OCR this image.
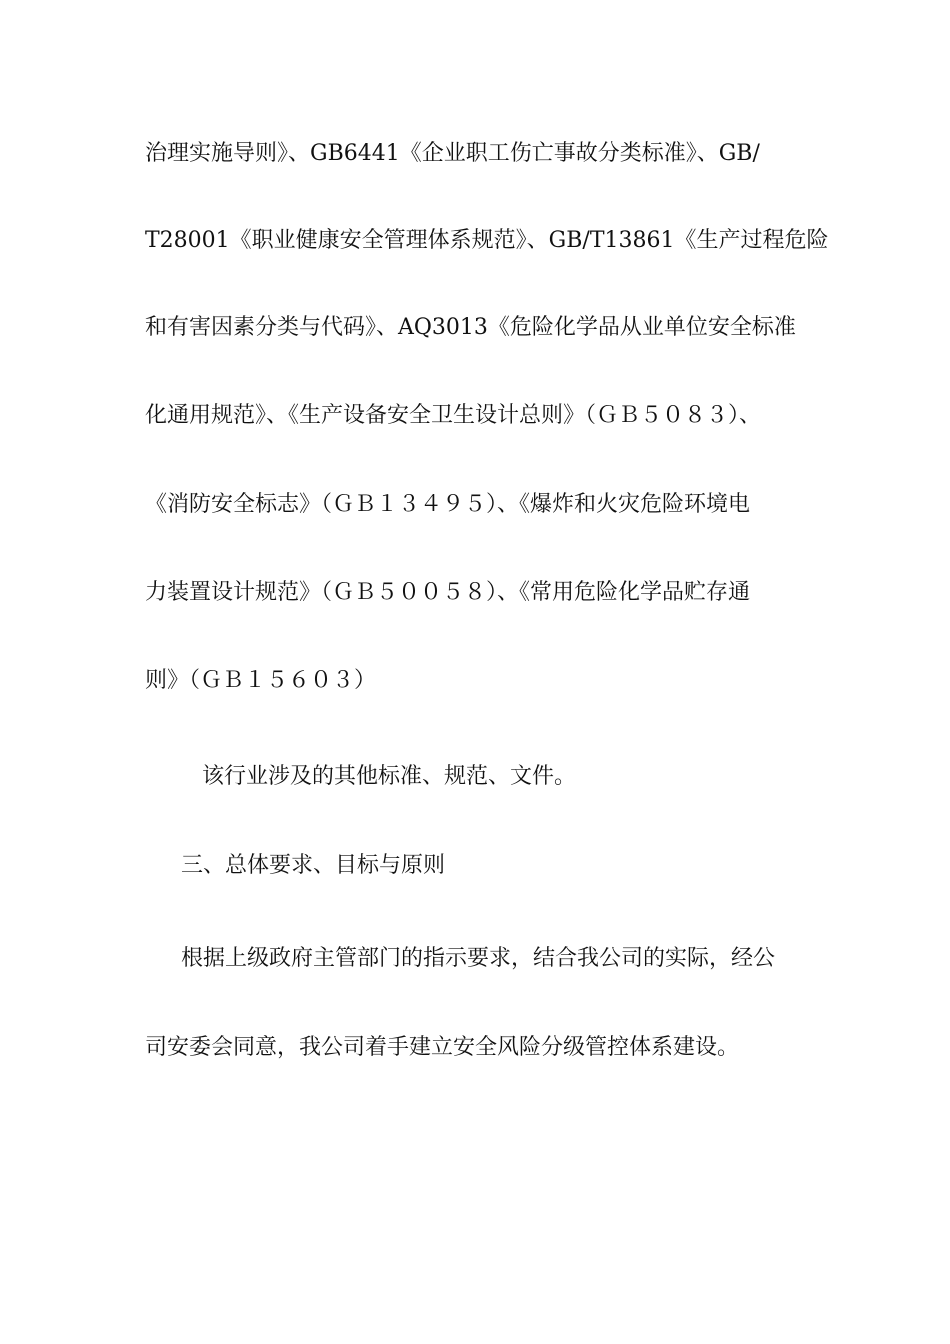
治理实施导则》、GB6441《企业职工伤亡事故分类标准》、GB/
T28001《职业健康安全管理体系规范》、GB/T13861《生产过程危险
和有害因素分类与代码》、AQ3013《危险化学品从业单位安全标准
化通用规范》、《生产设备安全卫生设计总则》（ＧＢ５０８３）、
《消防安全标志》（ＧＢ１３４９５）、《爆炸和火灾危险环境电
力装置设计规范》（ＧＢ５００５８）、《常用危险化学品贮存通
则》（ＧＢ１５６０３）
该行业涉及的其他标准、规范、文件。
三、总体要求、目标与原则
根据上级政府主管部门的指示要求，结合我公司的实际，经公
司安委会同意，我公司着手建立安全风险分级管控体系建设。
